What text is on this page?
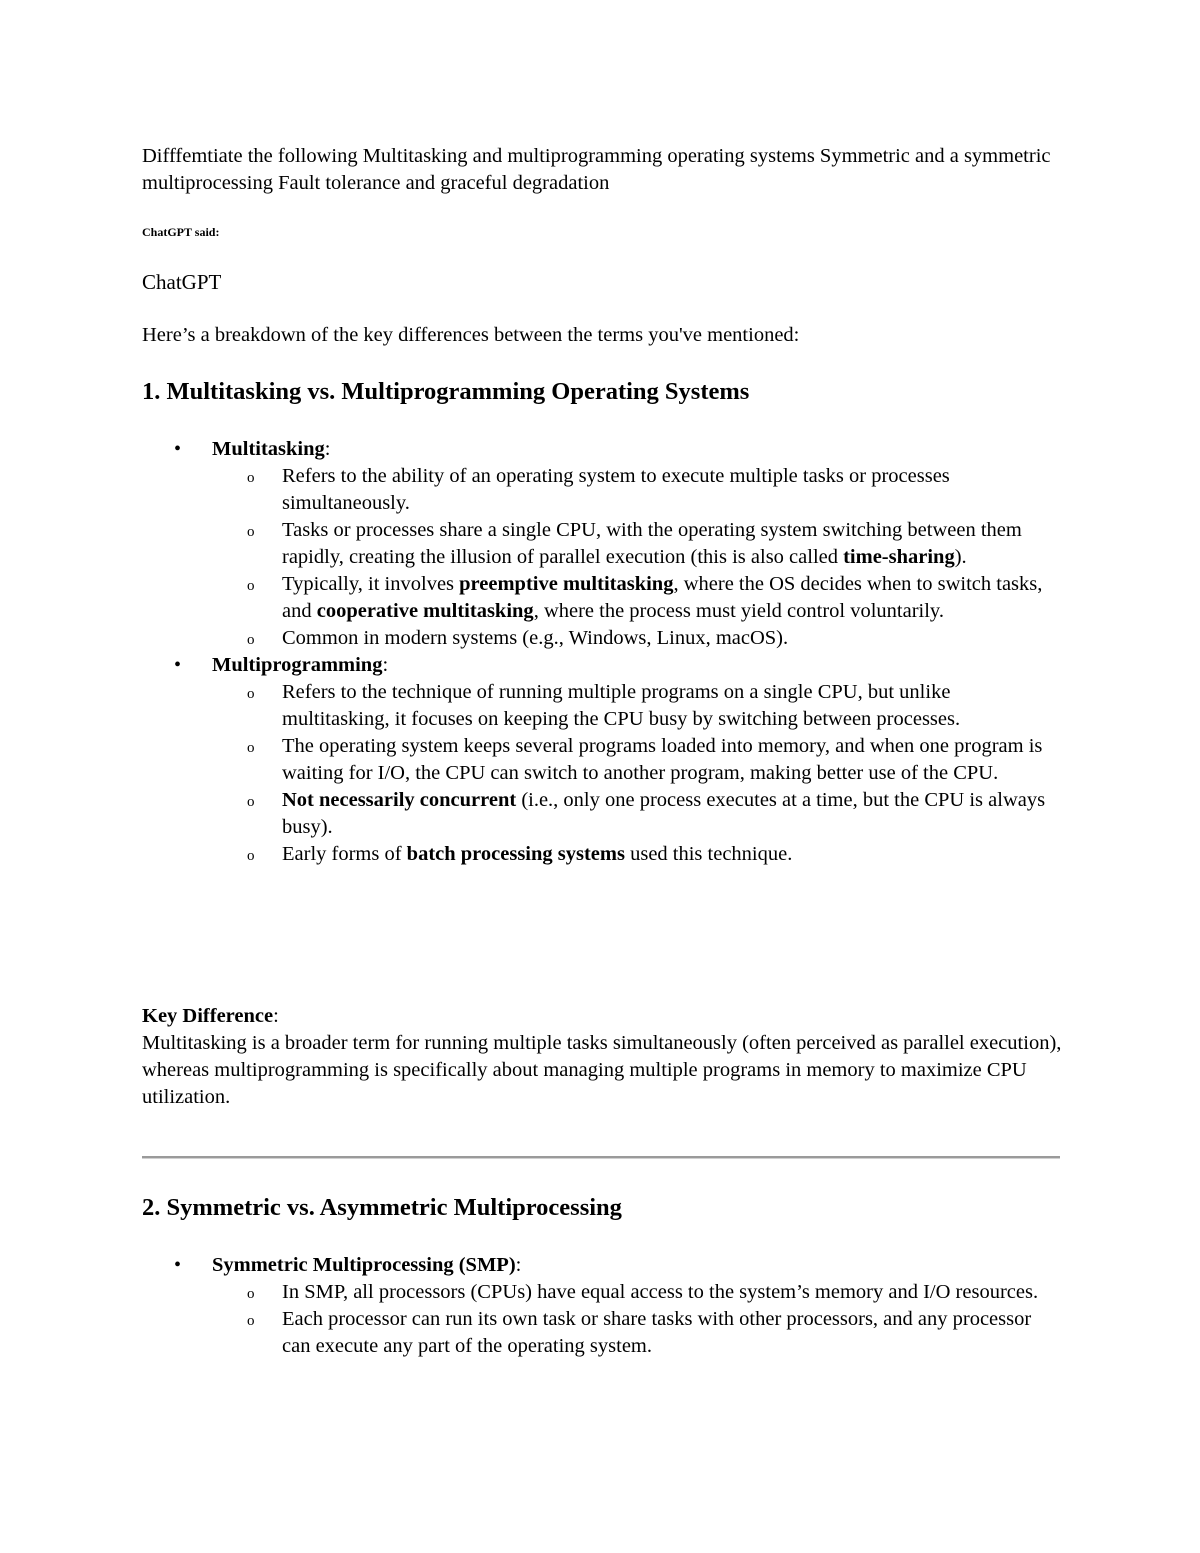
Difffemtiate the following Multitasking and multiprogramming operating systems Symmetric and a symmetric multiprocessing Fault tolerance and graceful degradation

ChatGPT said:

ChatGPT

Here’s a breakdown of the key differences between the terms you've mentioned:

1. Multitasking vs. Multiprogramming Operating Systems
• Multitasking:
o Refers to the ability of an operating system to execute multiple tasks or processes simultaneously.
o Tasks or processes share a single CPU, with the operating system switching between them rapidly, creating the illusion of parallel execution (this is also called time-sharing).
o Typically, it involves preemptive multitasking, where the OS decides when to switch tasks, and cooperative multitasking, where the process must yield control voluntarily.
o Common in modern systems (e.g., Windows, Linux, macOS).
• Multiprogramming:
o Refers to the technique of running multiple programs on a single CPU, but unlike multitasking, it focuses on keeping the CPU busy by switching between processes.
o The operating system keeps several programs loaded into memory, and when one program is waiting for I/O, the CPU can switch to another program, making better use of the CPU.
o Not necessarily concurrent (i.e., only one process executes at a time, but the CPU is always busy).
o Early forms of batch processing systems used this technique.

Key Difference:
Multitasking is a broader term for running multiple tasks simultaneously (often perceived as parallel execution), whereas multiprogramming is specifically about managing multiple programs in memory to maximize CPU utilization.

2. Symmetric vs. Asymmetric Multiprocessing
• Symmetric Multiprocessing (SMP):
o In SMP, all processors (CPUs) have equal access to the system’s memory and I/O resources.
o Each processor can run its own task or share tasks with other processors, and any processor can execute any part of the operating system.
